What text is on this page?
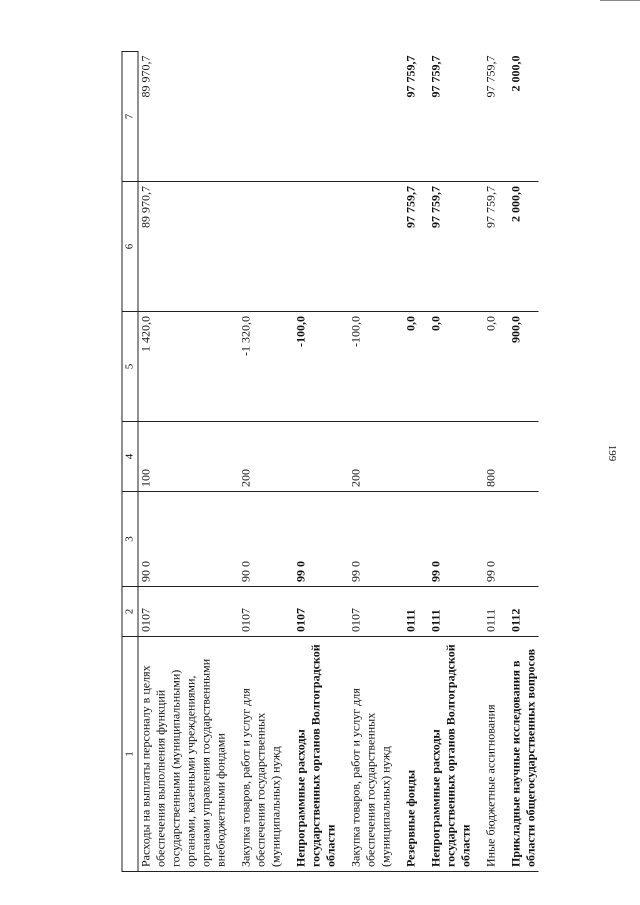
199
1	2	3	4	5	6	7
Расходы на выплаты персоналу в целях обеспечения выполнения функций государственными (муниципальными) органами, казенными учреждениями, органами управления государственными внебюджетными фондами	0107	90 0	100	1 420,0	89 970,7	89 970,7
Закупка товаров, работ и услуг для обеспечения государственных (муниципальных) нужд	0107	90 0	200	-1 320,0		
Непрограммные расходы государственных органов Волгоградской области	0107	99 0		-100,0		
Закупка товаров, работ и услуг для обеспечения государственных (муниципальных) нужд	0107	99 0	200	-100,0		
Резервные фонды	0111			0,0	97 759,7	97 759,7
Непрограммные расходы государственных органов Волгоградской области	0111	99 0		0,0	97 759,7	97 759,7
Иные бюджетные ассигнования	0111	99 0	800	0,0	97 759,7	97 759,7
Прикладные научные исследования в области общегосударственных вопросов	0112			900,0	2 000,0	2 000,0
